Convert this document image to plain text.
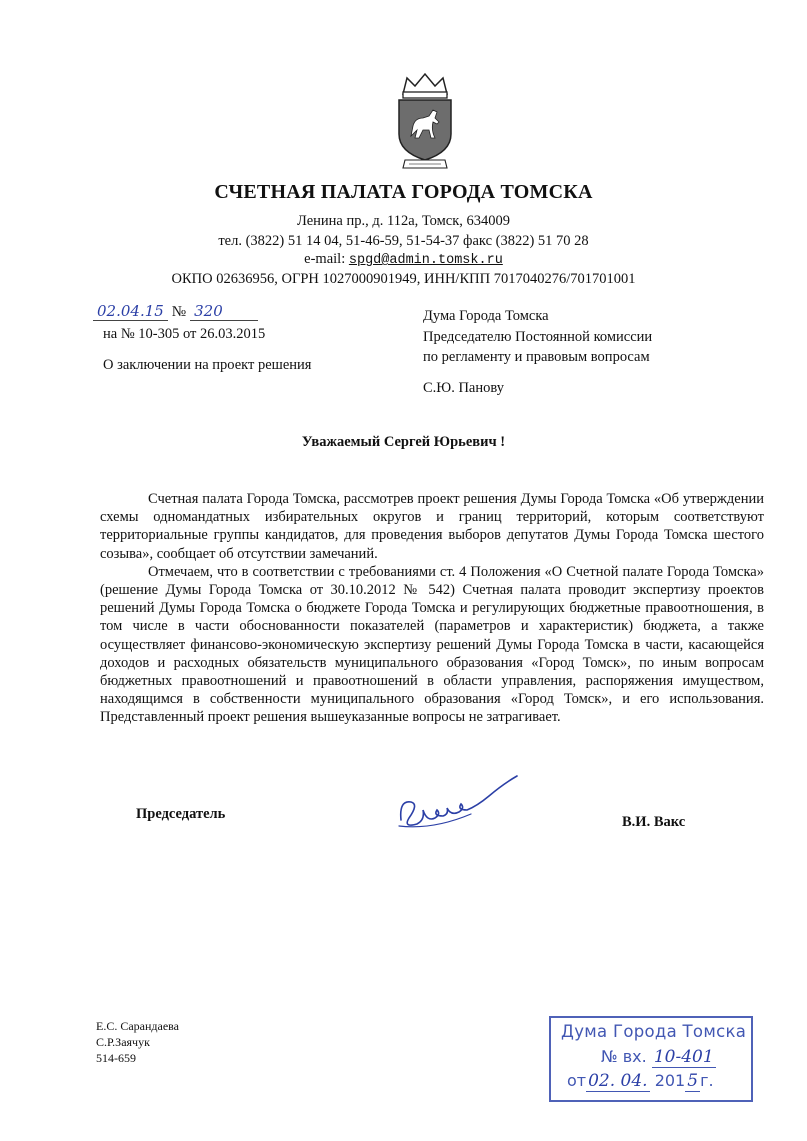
СЧЕТНАЯ ПАЛАТА ГОРОДА ТОМСКА
Ленина пр., д. 112а, Томск, 634009
тел. (3822) 51 14 04, 51-46-59, 51-54-37 факс (3822) 51 70 28
e-mail: spgd@admin.tomsk.ru
ОКПО 02636956, ОГРН 1027000901949, ИНН/КПП 7017040276/701701001
02.04.15 № 320
на № 10-305 от 26.03.2015
О заключении на проект решения
Дума Города Томска
Председателю Постоянной комиссии
по регламенту и правовым вопросам
С.Ю. Панову
Уважаемый Сергей Юрьевич !

Счетная палата Города Томска, рассмотрев проект решения Думы Города Томска «Об утверждении схемы одномандатных избирательных округов и границ территорий, которым соответствуют территориальные группы кандидатов, для проведения выборов депутатов Думы Города Томска шестого созыва», сообщает об отсутствии замечаний.

Отмечаем, что в соответствии с требованиями ст. 4 Положения «О Счетной палате Города Томска» (решение Думы Города Томска от 30.10.2012 № 542) Счетная палата проводит экспертизу проектов решений Думы Города Томска о бюджете Города Томска и регулирующих бюджетные правоотношения, в том числе в части обоснованности показателей (параметров и характеристик) бюджета, а также осуществляет финансово-экономическую экспертизу решений Думы Города Томска в части, касающейся доходов и расходных обязательств муниципального образования «Город Томск», по иным вопросам бюджетных правоотношений и правоотношений в области управления, распоряжения имуществом, находящимся в собственности муниципального образования «Город Томск», и его использования. Представленный проект решения вышеуказанные вопросы не затрагивает.

Председатель	В.И. Вакс
Е.С. Сарандаева
С.Р.Заячук
514-659
Дума Города Томска
№ вх. 10-401
от 02. 04. 201 5 г.
